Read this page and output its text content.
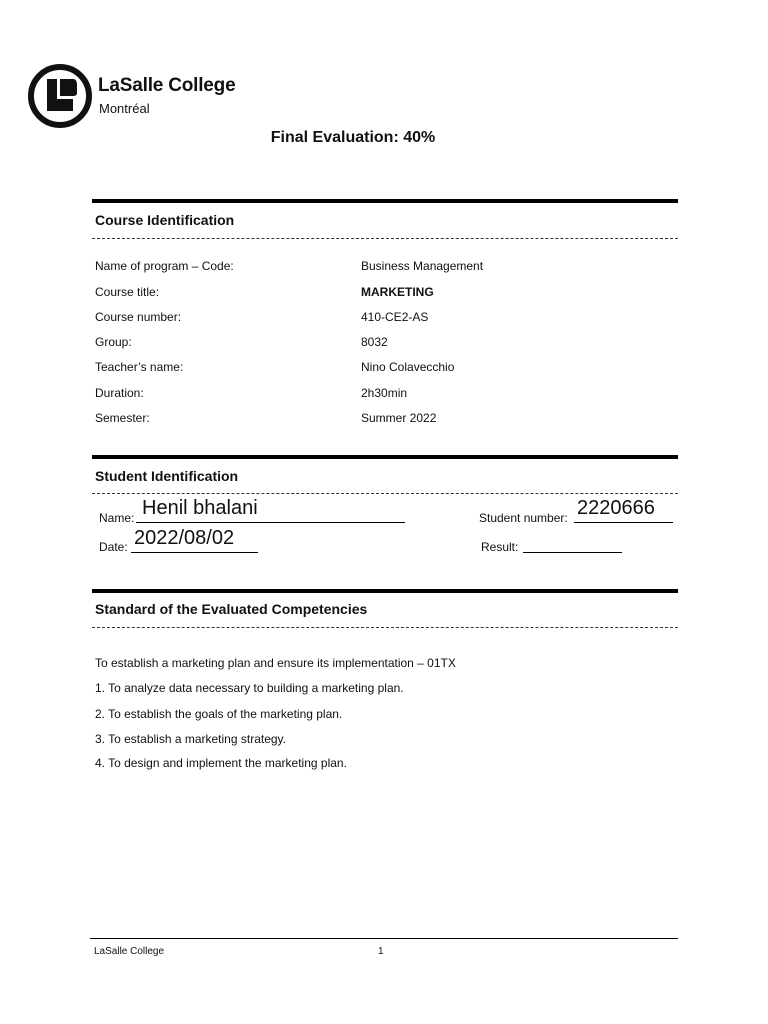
LaSalle College
Montréal
Final Evaluation: 40%
Course Identification
Name of program – Code:	Business Management
Course title:	MARKETING
Course number:	410-CE2-AS
Group:	8032
Teacher’s name:	Nino Colavecchio
Duration:	2h30min
Semester:	Summer 2022
Student Identification
Name: Henil bhalani	Student number: 2220666
Date: 2022/08/02	Result:
Standard of the Evaluated Competencies
To establish a marketing plan and ensure its implementation – 01TX
1. To analyze data necessary to building a marketing plan.
2. To establish the goals of the marketing plan.
3. To establish a marketing strategy.
4. To design and implement the marketing plan.
LaSalle College	1
